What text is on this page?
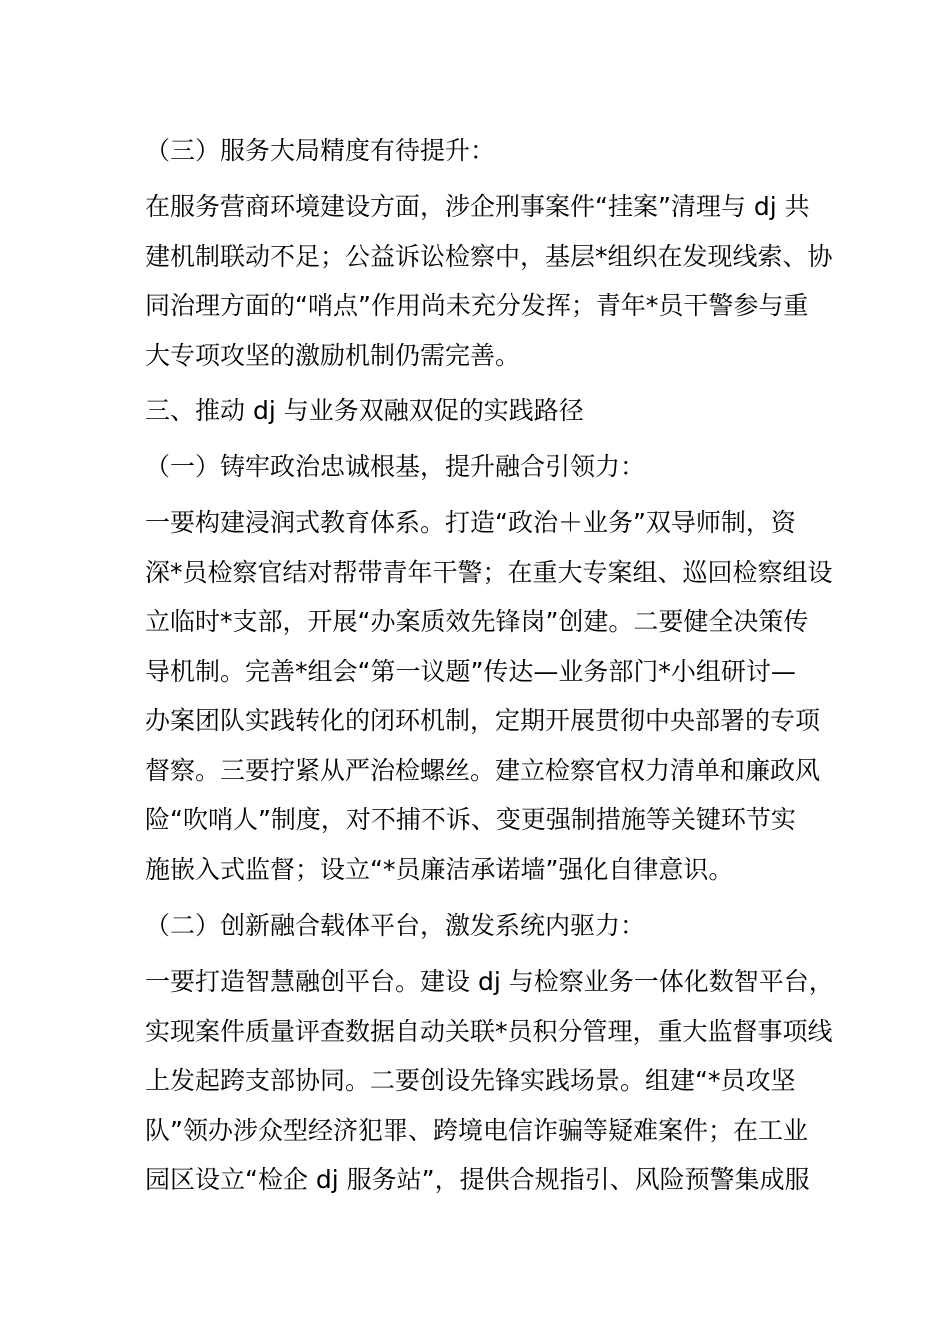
（三）服务大局精度有待提升：

在服务营商环境建设方面，涉企刑事案件“挂案”清理与 dj 共

建机制联动不足；公益诉讼检察中，基层*组织在发现线索、协

同治理方面的“哨点”作用尚未充分发挥；青年*员干警参与重

大专项攻坚的激励机制仍需完善。

三、推动 dj 与业务双融双促的实践路径

（一）铸牢政治忠诚根基，提升融合引领力：

一要构建浸润式教育体系。打造“政治＋业务”双导师制，资

深*员检察官结对帮带青年干警；在重大专案组、巡回检察组设

立临时*支部，开展“办案质效先锋岗”创建。二要健全决策传

导机制。完善*组会“第一议题”传达—业务部门*小组研讨—

办案团队实践转化的闭环机制，定期开展贯彻中央部署的专项

督察。三要拧紧从严治检螺丝。建立检察官权力清单和廉政风

险“吹哨人”制度，对不捕不诉、变更强制措施等关键环节实

施嵌入式监督；设立“*员廉洁承诺墙”强化自律意识。

（二）创新融合载体平台，激发系统内驱力：

一要打造智慧融创平台。建设 dj 与检察业务一体化数智平台，

实现案件质量评查数据自动关联*员积分管理，重大监督事项线

上发起跨支部协同。二要创设先锋实践场景。组建“*员攻坚

队”领办涉众型经济犯罪、跨境电信诈骗等疑难案件；在工业

园区设立“检企 dj 服务站”，提供合规指引、风险预警集成服
